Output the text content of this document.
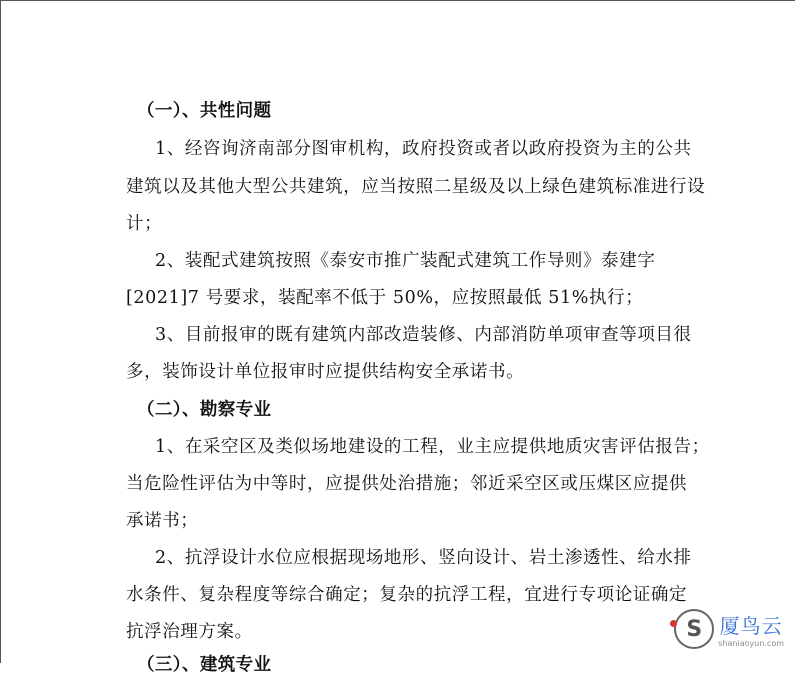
（一）、共性问题
1、经咨询济南部分图审机构，政府投资或者以政府投资为主的公共
建筑以及其他大型公共建筑，应当按照二星级及以上绿色建筑标准进行设
计；
2、装配式建筑按照《泰安市推广装配式建筑工作导则》泰建字
[2021]7 号要求，装配率不低于 50%，应按照最低 51%执行；
3、目前报审的既有建筑内部改造装修、内部消防单项审查等项目很
多，装饰设计单位报审时应提供结构安全承诺书。
（二）、勘察专业
1、在采空区及类似场地建设的工程，业主应提供地质灾害评估报告；
当危险性评估为中等时，应提供处治措施；邻近采空区或压煤区应提供
承诺书；
2、抗浮设计水位应根据现场地形、竖向设计、岩土渗透性、给水排
水条件、复杂程度等综合确定；复杂的抗浮工程，宜进行专项论证确定
抗浮治理方案。
（三）、建筑专业
S 厦鸟云
shaniaoyun.com
